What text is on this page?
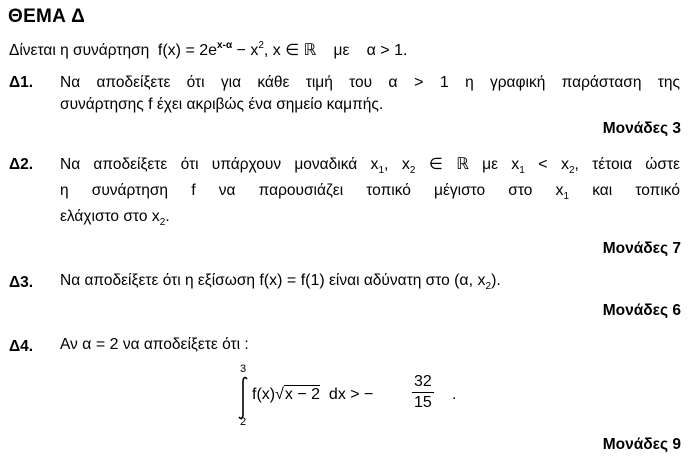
ΘΕΜΑ Δ
Δίνεται η συνάρτηση $f(x) = 2e^{x-\alpha} - x^2$, x ∈ ℝ με α > 1.
Δ1. Να αποδείξετε ότι για κάθε τιμή του α > 1 η γραφική παράσταση της
συνάρτησης f έχει ακριβώς ένα σημείο καμπής.
Μονάδες 3
Δ2. Να αποδείξετε ότι υπάρχουν μοναδικά $x_1$, $x_2$ ∈ ℝ με $x_1 < x_2$, τέτοια ώστε
η συνάρτηση f να παρουσιάζει τοπικό μέγιστο στο $x_1$ και τοπικό
ελάχιστο στο $x_2$.
Μονάδες 7
Δ3. Να αποδείξετε ότι η εξίσωση f(x) = f(1) είναι αδύνατη στο (α, $x_2$).
Μονάδες 6
Δ4. Αν α = 2 να αποδείξετε ότι :
3
2
f(x)√x − 2 dx > − $\frac{32}{15}$ .
Μονάδες 9
